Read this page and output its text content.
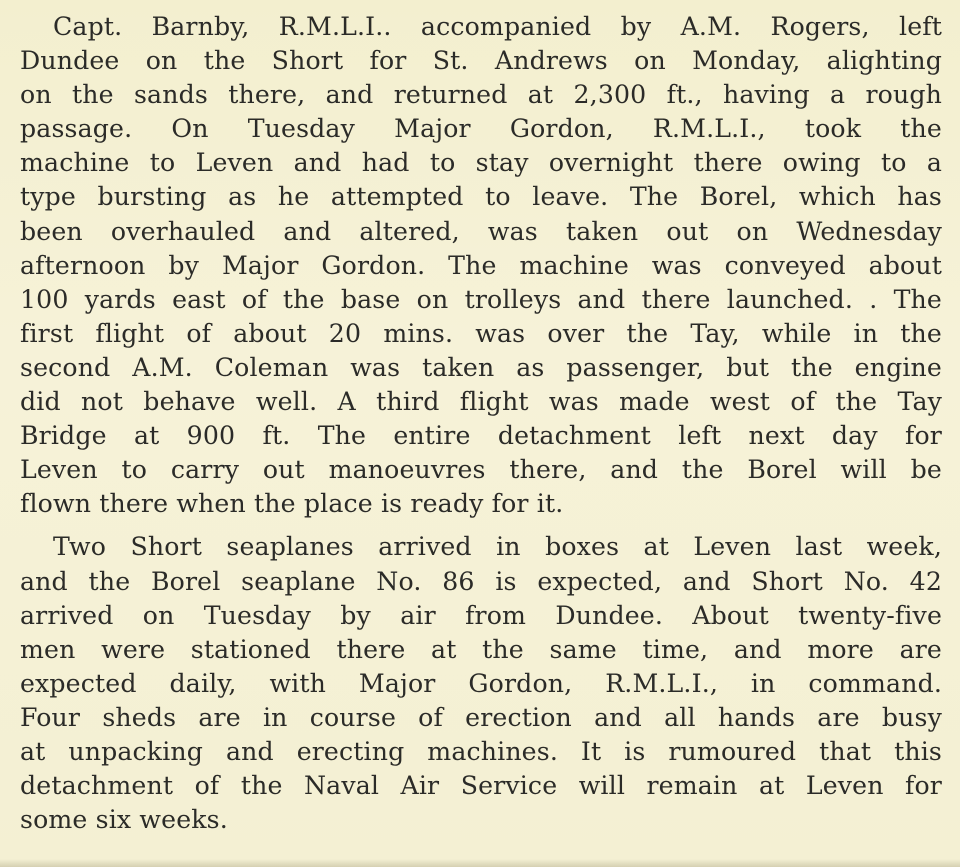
Capt. Barnby, R.M.L.I.. accompanied by A.M. Rogers, left
Dundee on the Short for St. Andrews on Monday, alighting
on the sands there, and returned at 2,300 ft., having a rough
passage. On Tuesday Major Gordon, R.M.L.I., took the
machine to Leven and had to stay overnight there owing to a
type bursting as he attempted to leave. The Borel, which has
been overhauled and altered, was taken out on Wednesday
afternoon by Major Gordon. The machine was conveyed about
100 yards east of the base on trolleys and there launched. . The
first flight of about 20 mins. was over the Tay, while in the
second A.M. Coleman was taken as passenger, but the engine
did not behave well. A third flight was made west of the Tay
Bridge at 900 ft. The entire detachment left next day for
Leven to carry out manoeuvres there, and the Borel will be
flown there when the place is ready for it.

Two Short seaplanes arrived in boxes at Leven last week,
and the Borel seaplane No. 86 is expected, and Short No. 42
arrived on Tuesday by air from Dundee. About twenty-five
men were stationed there at the same time, and more are
expected daily, with Major Gordon, R.M.L.I., in command.
Four sheds are in course of erection and all hands are busy
at unpacking and erecting machines. It is rumoured that this
detachment of the Naval Air Service will remain at Leven for
some six weeks.
